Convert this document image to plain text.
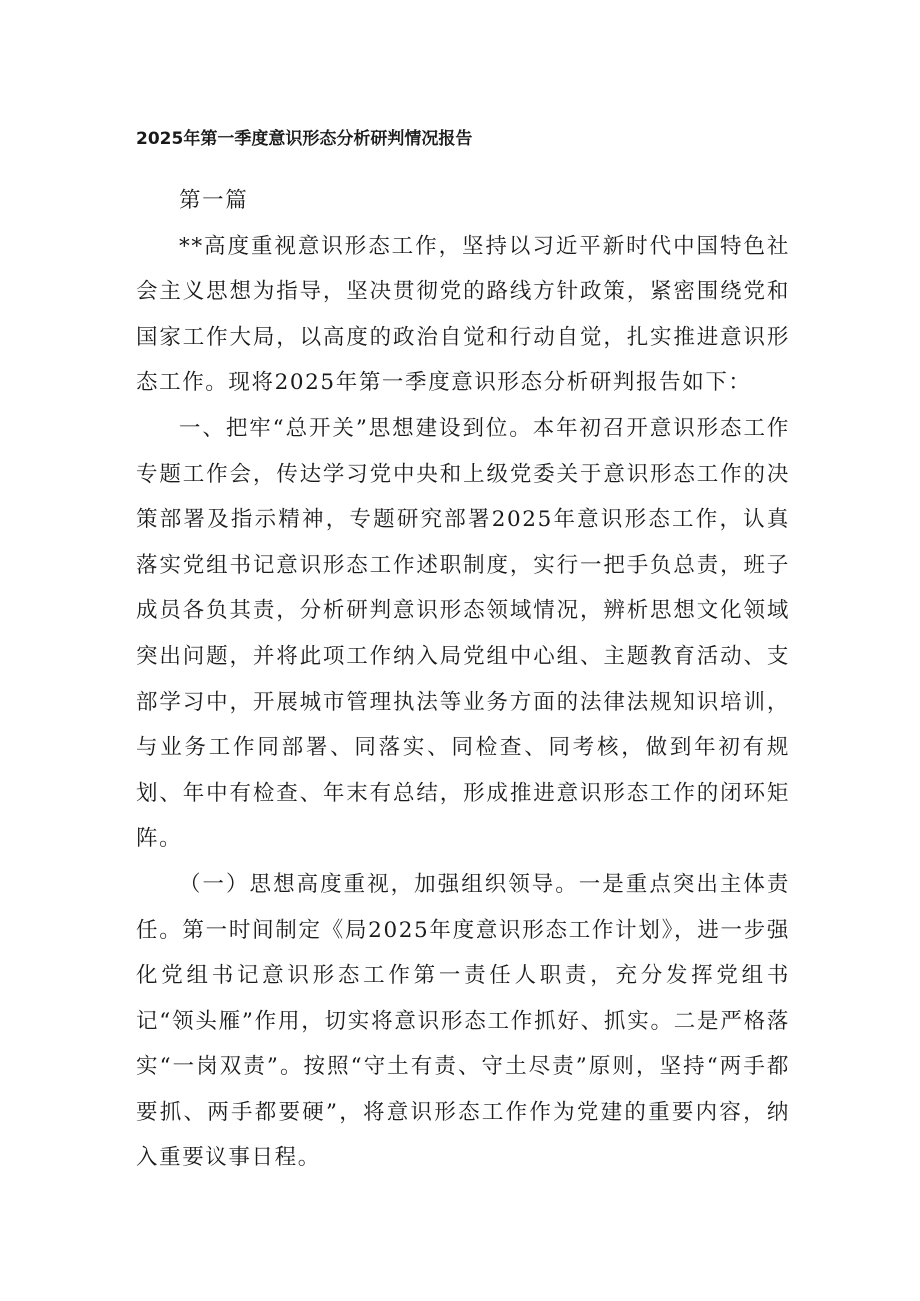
2025年第一季度意识形态分析研判情况报告

第一篇

**高度重视意识形态工作，坚持以习近平新时代中国特色社会主义思想为指导，坚决贯彻党的路线方针政策，紧密围绕党和国家工作大局，以高度的政治自觉和行动自觉，扎实推进意识形态工作。现将2025年第一季度意识形态分析研判报告如下：

一、把牢“总开关”思想建设到位。本年初召开意识形态工作专题工作会，传达学习党中央和上级党委关于意识形态工作的决策部署及指示精神，专题研究部署2025年意识形态工作，认真落实党组书记意识形态工作述职制度，实行一把手负总责，班子成员各负其责，分析研判意识形态领域情况，辨析思想文化领域突出问题，并将此项工作纳入局党组中心组、主题教育活动、支部学习中，开展城市管理执法等业务方面的法律法规知识培训，与业务工作同部署、同落实、同检查、同考核，做到年初有规划、年中有检查、年末有总结，形成推进意识形态工作的闭环矩阵。

（一）思想高度重视，加强组织领导。一是重点突出主体责任。第一时间制定《局2025年度意识形态工作计划》，进一步强化党组书记意识形态工作第一责任人职责，充分发挥党组书记“领头雁”作用，切实将意识形态工作抓好、抓实。二是严格落实“一岗双责”。按照“守土有责、守土尽责”原则，坚持“两手都要抓、两手都要硬”，将意识形态工作作为党建的重要内容，纳入重要议事日程。
